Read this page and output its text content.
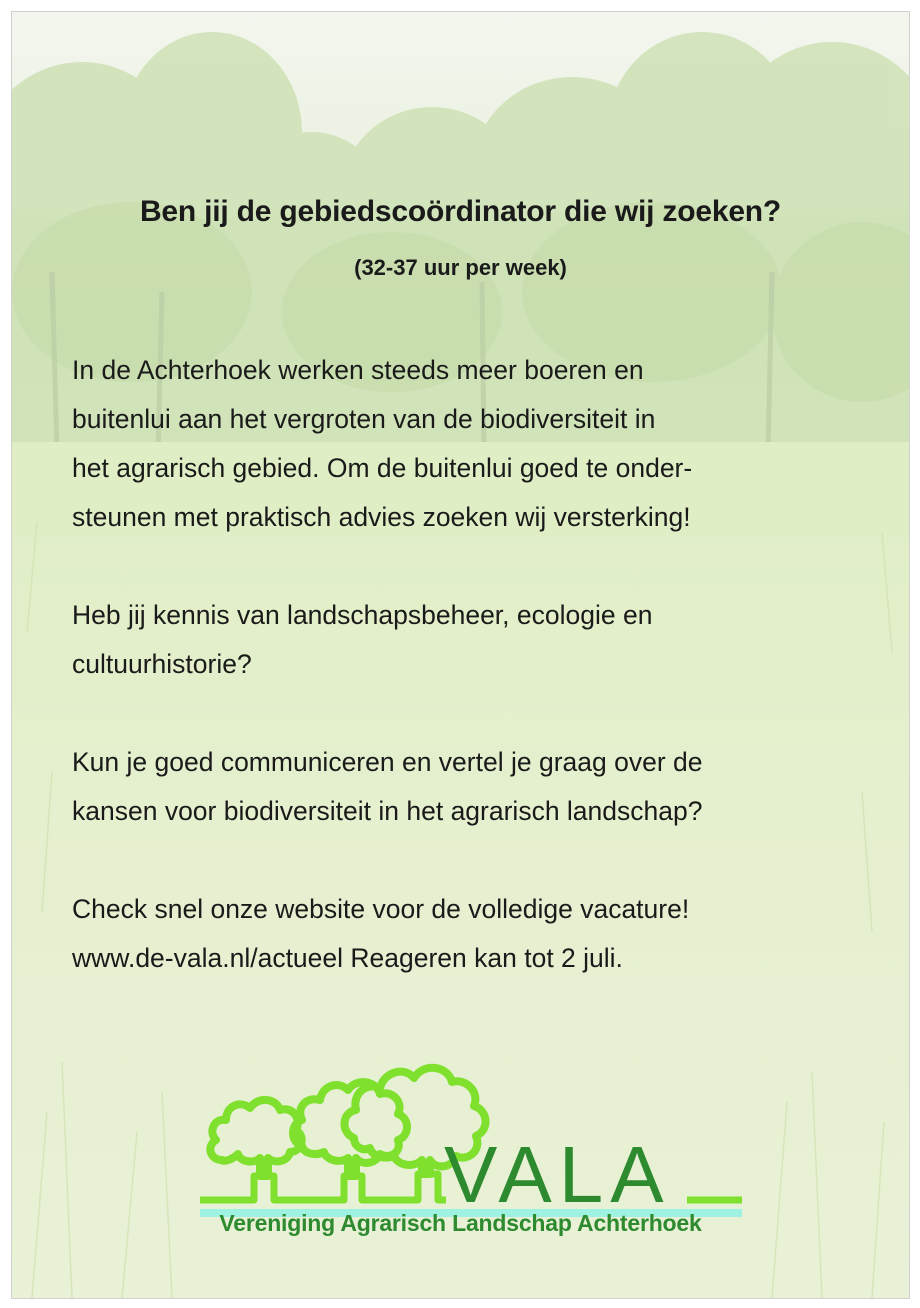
Ben jij de gebiedscoördinator die wij zoeken?
(32-37 uur per week)
In de Achterhoek werken steeds meer boeren en
buitenlui aan het vergroten van de biodiversiteit in
het agrarisch gebied. Om de buitenlui goed te onder-
steunen met praktisch advies zoeken wij versterking!
Heb jij kennis van landschapsbeheer, ecologie en
cultuurhistorie?
Kun je goed communiceren en vertel je graag over de
kansen voor biodiversiteit in het agrarisch landschap?
Check snel onze website voor de volledige vacature!
www.de-vala.nl/actueel Reageren kan tot 2 juli.
VALA
Vereniging Agrarisch Landschap Achterhoek
